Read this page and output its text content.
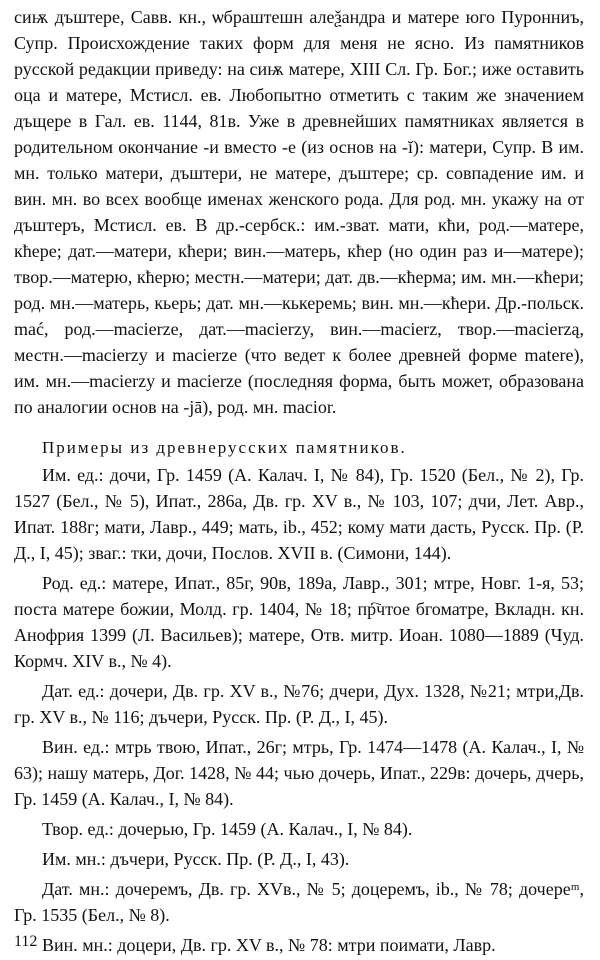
сиѭ дъштере, Савв. кн., ѡбраштешн алеѯандра и матере юго Пуронниъ, Супр. Происхождение таких форм для меня не ясно. Из памятников русской редакции приведу: на сиѭ матере, XIII Сл. Гр. Бог.; иже оставить оца и матере, Мстисл. ев. Любопытно отметить с таким же значением дъщере в Гал. ев. 1144, 81в. Уже в древнейших памятниках является в родительном окончание -и вместо -е (из основ на -ĭ): матери, Супр. В им. мн. только матери, дъштери, не матере, дъштере; ср. совпадение им. и вин. мн. во всех вообще именах женского рода. Для род. мн. укажу на от дъштеръ, Мстисл. ев. В др.-сербск.: им.-зват. мати, кћи, род.—матере, кћере; дат.—матери, кћери; вин.—матерь, кћер (но один раз и—матере); твор.—матерю, кћерю; местн.—матери; дат. дв.—кћерма; им. мн.—кћери; род. мн.—матерь, кьерь; дат. мн.—кькеремь; вин. мн.—кћери. Др.-польск. mać, род.—macierze, дат.—macierzy, вин.—macierz, твор.—macierzą, местн.—macierzy и macierze (что ведет к более древней форме matere), им. мн.—macierzy и macierze (последняя форма, быть может, образована по аналогии основ на -jā), род. мн. macior.

Примеры из древнерусских памятников.

Им. ед.: дочи, Гр. 1459 (А. Калач. I, № 84), Гр. 1520 (Бел., № 2), Гр. 1527 (Бел., № 5), Ипат., 286а, Дв. гр. XV в., № 103, 107; дчи, Лет. Авр., Ипат. 188г; мати, Лавр., 449; мать, ib., 452; кому мати дасть, Русск. Пр. (Р. Д., I, 45); зваг.: тки, дочи, Послов. XVII в. (Симони, 144).

Род. ед.: матере, Ипат., 85г, 90в, 189а, Лавр., 301; мтре, Новг. 1-я, 53; поста матере божии, Молд. гр. 1404, № 18; пр҇чтое бгоматре, Вкладн. кн. Анофрия 1399 (Л. Васильев); матере, Отв. митр. Иоан. 1080—1889 (Чуд. Кормч. XIV в., № 4).

Дат. ед.: дочери, Дв. гр. XV в., №76; дчери, Дух. 1328, №21; мтри,Дв. гр. XV в., № 116; дъчери, Русск. Пр. (Р. Д., I, 45).

Вин. ед.: мтрь твою, Ипат., 26г; мтрь, Гр. 1474—1478 (А. Калач., I, № 63); нашу матерь, Дог. 1428, № 44; чью дочерь, Ипат., 229в: дочерь, дчерь, Гр. 1459 (А. Калач., I, № 84).

Твор. ед.: дочерью, Гр. 1459 (А. Калач., I, № 84).

Им. мн.: дъчери, Русск. Пр. (Р. Д., I, 43).

Дат. мн.: дочеремъ, Дв. гр. XVв., № 5; доцеремъ, ib., № 78; дочереᵐ, Гр. 1535 (Бел., № 8).

Вин. мн.: доцери, Дв. гр. XV в., № 78: мтри поимати, Лавр.

112
